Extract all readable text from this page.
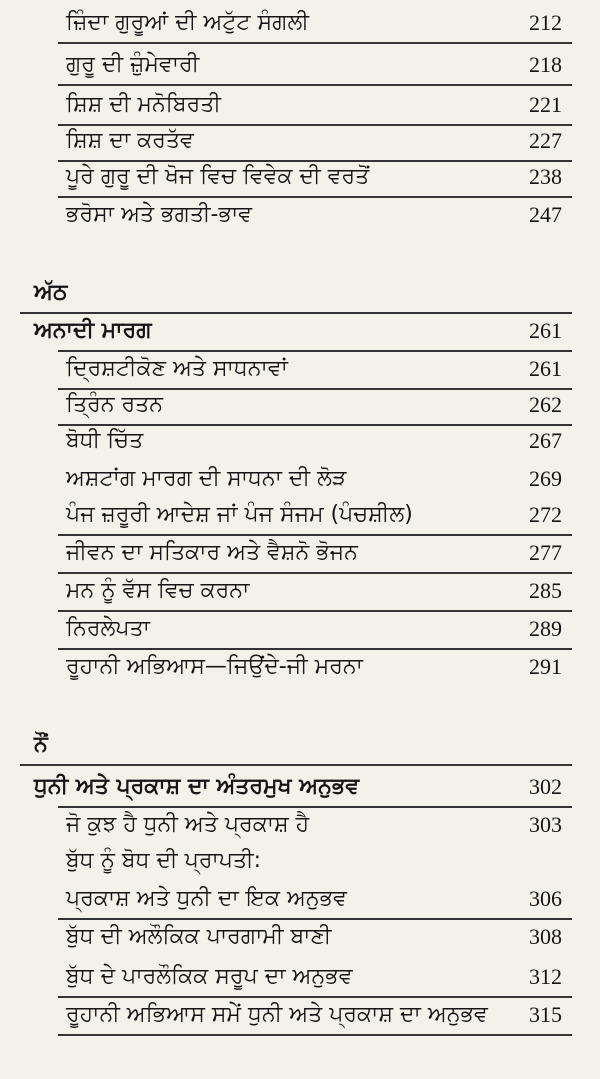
ਜ਼ਿੰਦਾ ਗੁਰੂਆਂ ਦੀ ਅਟੁੱਟ ਸੰਗਲੀ	212
ਗੁਰੂ ਦੀ ਜ਼ੁੰਮੇਵਾਰੀ	218
ਸ਼ਿਸ਼ ਦੀ ਮਨੋਬਿਰਤੀ	221
ਸ਼ਿਸ਼ ਦਾ ਕਰਤੱਵ	227
ਪੂਰੇ ਗੁਰੂ ਦੀ ਖੋਜ ਵਿਚ ਵਿਵੇਕ ਦੀ ਵਰਤੋਂ	238
ਭਰੋਸਾ ਅਤੇ ਭਗਤੀ-ਭਾਵ	247
ਅੱਠ
ਅਨਾਦੀ ਮਾਰਗ	261
ਦ੍ਰਿਸ਼ਟੀਕੋਣ ਅਤੇ ਸਾਧਨਾਵਾਂ	261
ਤ੍ਰਿੰਨ ਰਤਨ	262
ਬੋਧੀ ਚਿੱਤ	267
ਅਸ਼ਟਾਂਗ ਮਾਰਗ ਦੀ ਸਾਧਨਾ ਦੀ ਲੋੜ	269
ਪੰਜ ਜ਼ਰੂਰੀ ਆਦੇਸ਼ ਜਾਂ ਪੰਜ ਸੰਜਮ (ਪੰਚਸ਼ੀਲ)	272
ਜੀਵਨ ਦਾ ਸਤਿਕਾਰ ਅਤੇ ਵੈਸ਼ਨੋ ਭੋਜਨ	277
ਮਨ ਨੂੰ ਵੱਸ ਵਿਚ ਕਰਨਾ	285
ਨਿਰਲੇਪਤਾ	289
ਰੂਹਾਨੀ ਅਭਿਆਸ—ਜਿਉਂਦੇ-ਜੀ ਮਰਨਾ	291
ਨੌਂ
ਧੁਨੀ ਅਤੇ ਪ੍ਰਕਾਸ਼ ਦਾ ਅੰਤਰਮੁਖ ਅਨੁਭਵ	302
ਜੋ ਕੁਝ ਹੈ ਧੁਨੀ ਅਤੇ ਪ੍ਰਕਾਸ਼ ਹੈ	303
ਬੁੱਧ ਨੂੰ ਬੋਧ ਦੀ ਪ੍ਰਾਪਤੀ:
ਪ੍ਰਕਾਸ਼ ਅਤੇ ਧੁਨੀ ਦਾ ਇਕ ਅਨੁਭਵ	306
ਬੁੱਧ ਦੀ ਅਲੌਕਿਕ ਪਾਰਗਾਮੀ ਬਾਣੀ	308
ਬੁੱਧ ਦੇ ਪਾਰਲੌਕਿਕ ਸਰੂਪ ਦਾ ਅਨੁਭਵ	312
ਰੂਹਾਨੀ ਅਭਿਆਸ ਸਮੇਂ ਧੁਨੀ ਅਤੇ ਪ੍ਰਕਾਸ਼ ਦਾ ਅਨੁਭਵ 315
